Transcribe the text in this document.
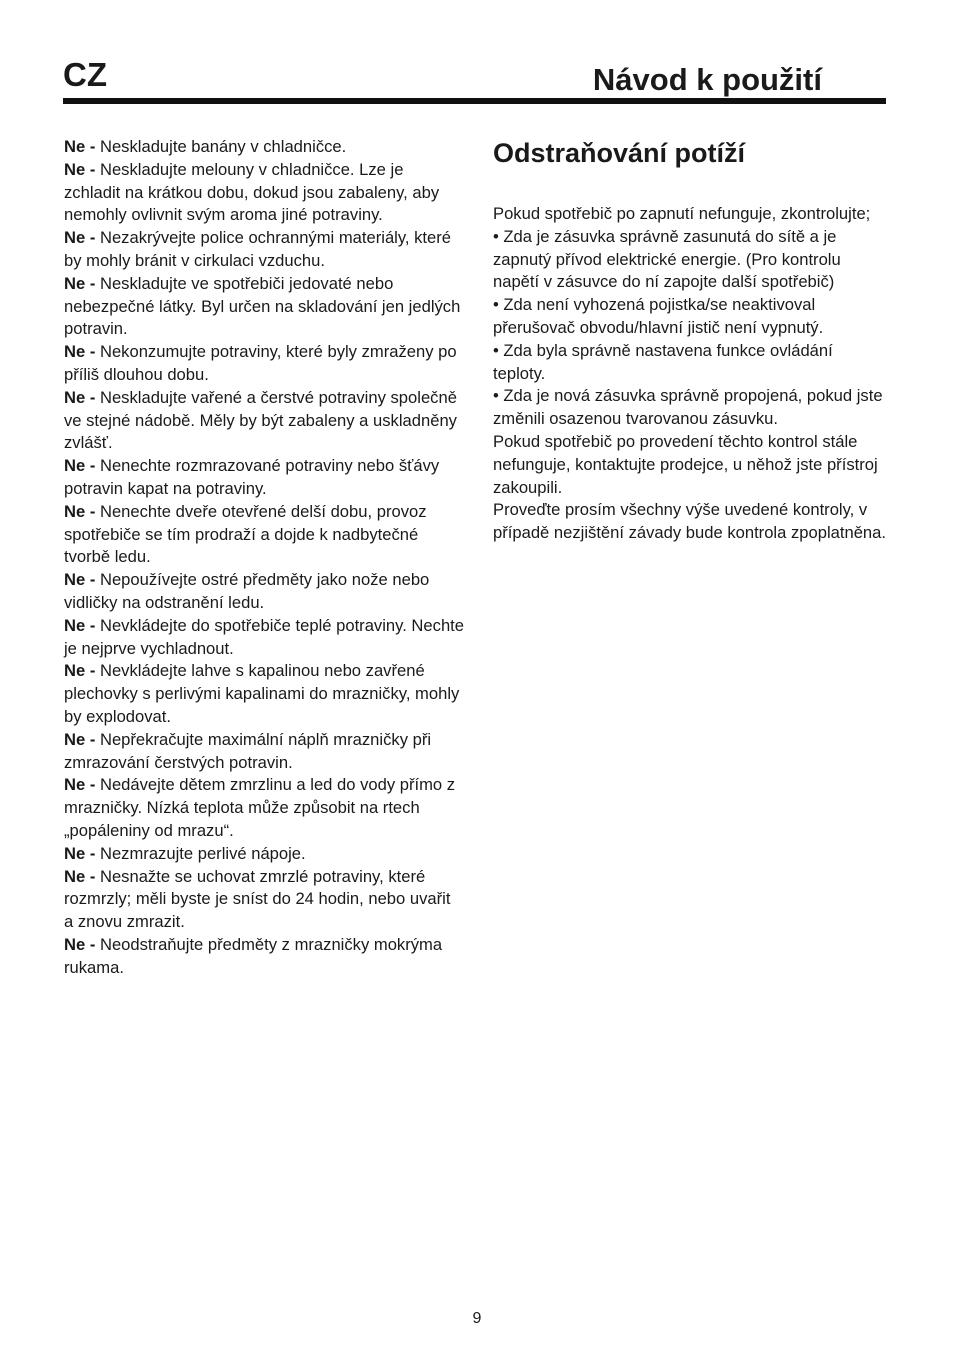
CZ	Návod k použití

Ne - Neskladujte banány v chladničce.

Ne - Neskladujte melouny v chladničce. Lze je zchladit na krátkou dobu, dokud jsou zabaleny, aby nemohly ovlivnit svým aroma jiné potraviny.

Ne - Nezakrývejte police ochrannými materiály, které by mohly bránit v cirkulaci vzduchu.

Ne - Neskladujte ve spotřebiči jedovaté nebo nebezpečné látky. Byl určen na skladování jen jedlých potravin.

Ne - Nekonzumujte potraviny, které byly zmraženy po příliš dlouhou dobu.

Ne - Neskladujte vařené a čerstvé potraviny společně ve stejné nádobě. Měly by být zabaleny a uskladněny zvlášť.

Ne - Nenechte rozmrazované potraviny nebo šťávy potravin kapat na potraviny.

Ne - Nenechte dveře otevřené delší dobu, provoz spotřebiče se tím prodraží a dojde k nadbytečné tvorbě ledu.

Ne - Nepoužívejte ostré předměty jako nože nebo vidličky na odstranění ledu.

Ne - Nevkládejte do spotřebiče teplé potraviny. Nechte je nejprve vychladnout.

Ne - Nevkládejte lahve s kapalinou nebo zavřené plechovky s perlivými kapalinami do mrazničky, mohly by explodovat.

Ne - Nepřekračujte maximální náplň mrazničky při zmrazování čerstvých potravin.

Ne - Nedávejte dětem zmrzlinu a led do vody přímo z mrazničky. Nízká teplota může způsobit na rtech „popáleniny od mrazu“.

Ne - Nezmrazujte perlivé nápoje.

Ne - Nesnažte se uchovat zmrzlé potraviny, které rozmrzly; měli byste je sníst do 24 hodin, nebo uvařit a znovu zmrazit.

Ne - Neodstraňujte předměty z mrazničky mokrýma rukama.

Odstraňování potíží

Pokud spotřebič po zapnutí nefunguje, zkontrolujte;

• Zda je zásuvka správně zasunutá do sítě a je zapnutý přívod elektrické energie. (Pro kontrolu napětí v zásuvce do ní zapojte další spotřebič)

• Zda není vyhozená pojistka/se neaktivoval přerušovač obvodu/hlavní jistič není vypnutý.

• Zda byla správně nastavena funkce ovládání teploty.

• Zda je nová zásuvka správně propojená, pokud jste změnili osazenou tvarovanou zásuvku.

Pokud spotřebič po provedení těchto kontrol stále nefunguje, kontaktujte prodejce, u něhož jste přístroj zakoupili.

Proveďte prosím všechny výše uvedené kontroly, v případě nezjištění závady bude kontrola zpoplatněna.

9
